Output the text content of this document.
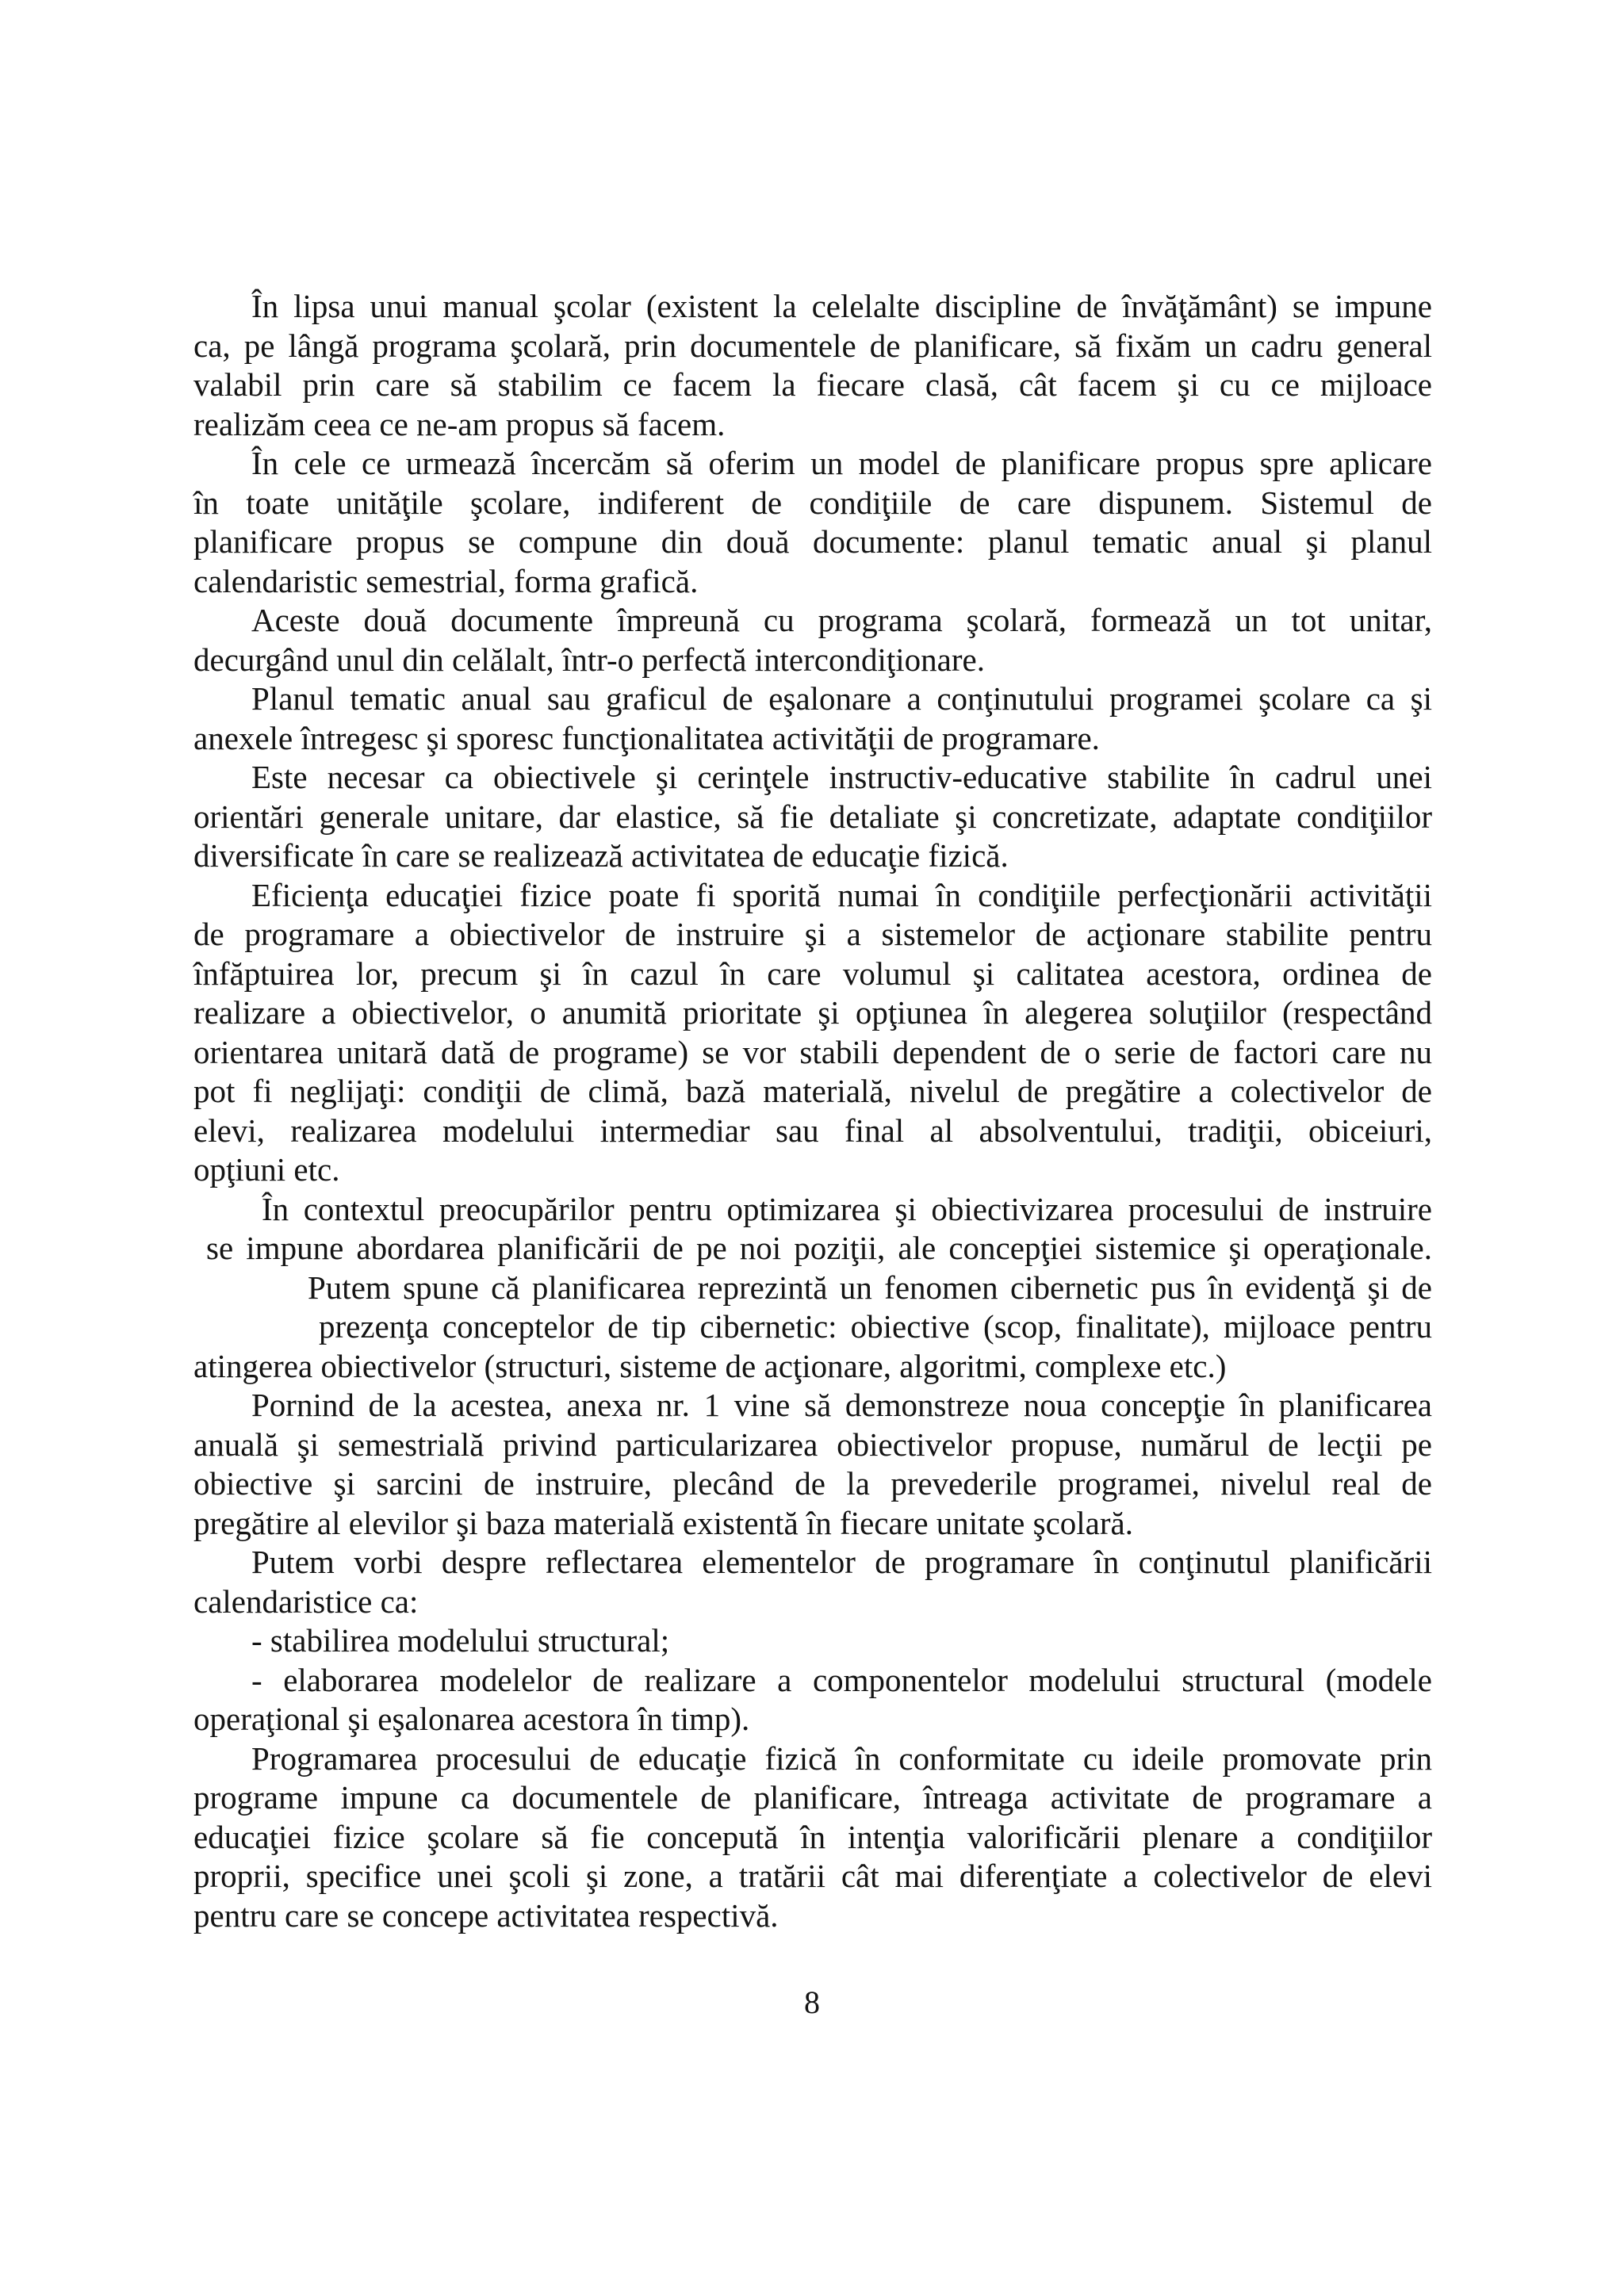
În lipsa unui manual şcolar (existent la celelalte discipline de învăţământ) se impune
ca, pe lângă programa şcolară, prin documentele de planificare, să fixăm un cadru general
valabil prin care să stabilim ce facem la fiecare clasă, cât facem şi cu ce mijloace
realizăm ceea ce ne-am propus să facem.
În cele ce urmează încercăm să oferim un model de planificare propus spre aplicare
în toate unităţile şcolare, indiferent de condiţiile de care dispunem. Sistemul de
planificare propus se compune din două documente: planul tematic anual şi planul
calendaristic semestrial, forma grafică.
Aceste două documente împreună cu programa şcolară, formează un tot unitar,
decurgând unul din celălalt, într-o perfectă intercondiţionare.
Planul tematic anual sau graficul de eşalonare a conţinutului programei şcolare ca şi
anexele întregesc şi sporesc funcţionalitatea activităţii de programare.
Este necesar ca obiectivele şi cerinţele instructiv-educative stabilite în cadrul unei
orientări generale unitare, dar elastice, să fie detaliate şi concretizate, adaptate condiţiilor
diversificate în care se realizează activitatea de educaţie fizică.
Eficienţa educaţiei fizice poate fi sporită numai în condiţiile perfecţionării activităţii
de programare a obiectivelor de instruire şi a sistemelor de acţionare stabilite pentru
înfăptuirea lor, precum şi în cazul în care volumul şi calitatea acestora, ordinea de
realizare a obiectivelor, o anumită prioritate şi opţiunea în alegerea soluţiilor (respectând
orientarea unitară dată de programe) se vor stabili dependent de o serie de factori care nu
pot fi neglijaţi: condiţii de climă, bază materială, nivelul de pregătire a colectivelor de
elevi, realizarea modelului intermediar sau final al absolventului, tradiţii, obiceiuri,
opţiuni etc.
În contextul preocupărilor pentru optimizarea şi obiectivizarea procesului de instruire
se impune abordarea planificării de pe noi poziţii, ale concepţiei sistemice şi operaţionale.
Putem spune că planificarea reprezintă un fenomen cibernetic pus în evidenţă şi de
prezenţa conceptelor de tip cibernetic: obiective (scop, finalitate), mijloace pentru
atingerea obiectivelor (structuri, sisteme de acţionare, algoritmi, complexe etc.)
Pornind de la acestea, anexa nr. 1 vine să demonstreze noua concepţie în planificarea
anuală şi semestrială privind particularizarea obiectivelor propuse, numărul de lecţii pe
obiective şi sarcini de instruire, plecând de la prevederile programei, nivelul real de
pregătire al elevilor şi baza materială existentă în fiecare unitate şcolară.
Putem vorbi despre reflectarea elementelor de programare în conţinutul planificării
calendaristice ca:
- stabilirea modelului structural;
- elaborarea modelelor de realizare a componentelor modelului structural (modele
operaţional şi eşalonarea acestora în timp).
Programarea procesului de educaţie fizică în conformitate cu ideile promovate prin
programe impune ca documentele de planificare, întreaga activitate de programare a
educaţiei fizice şcolare să fie concepută în intenţia valorificării plenare a condiţiilor
proprii, specifice unei şcoli şi zone, a tratării cât mai diferenţiate a colectivelor de elevi
pentru care se concepe activitatea respectivă.
8
